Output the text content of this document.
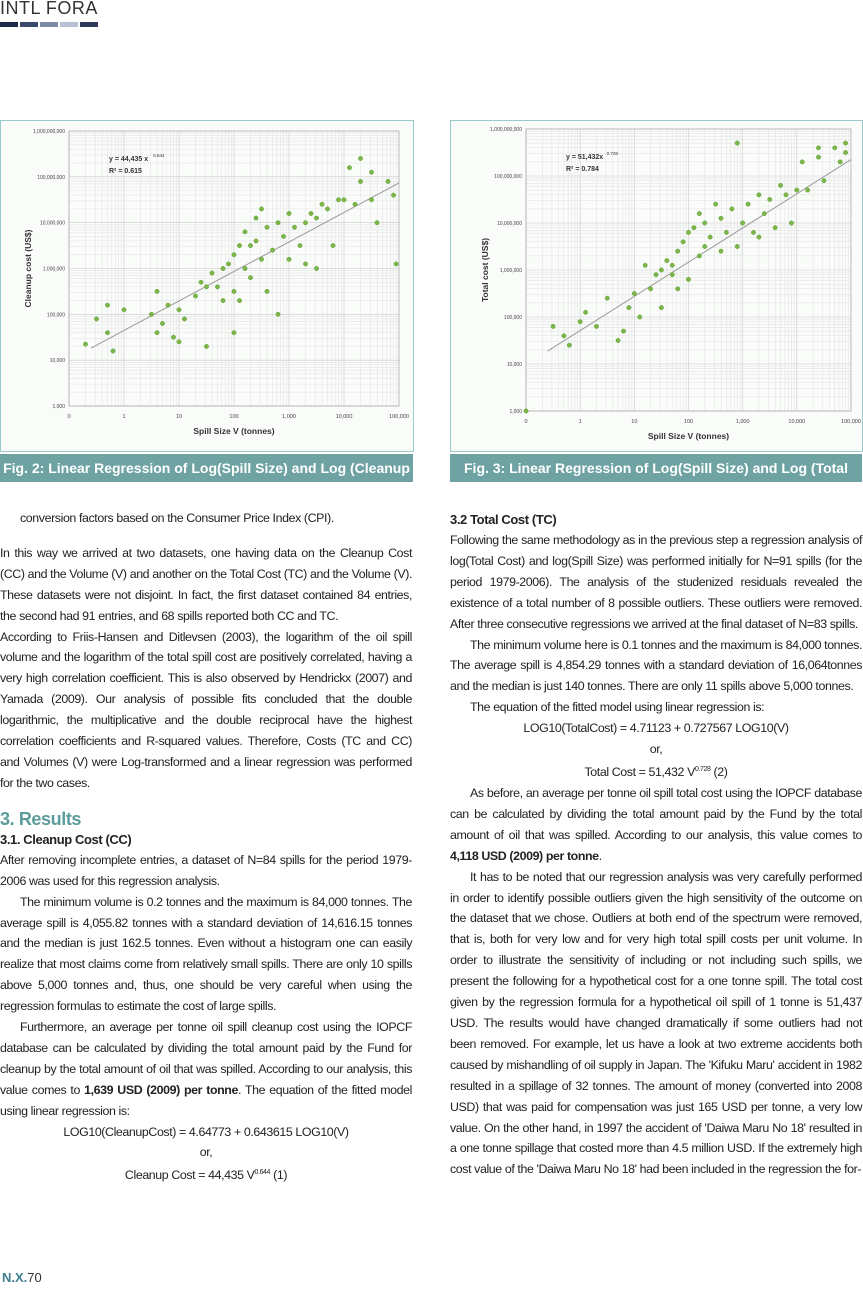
INTL FORA
0	1	10	100	1,000	10,000	100,000
1,000,000,000
100,000,000
10,000,000
1,000,000
100,000
10,000
1,000
Spill Size V (tonnes)
Cleanup cost (US$)
y = 44,435 x
0.644
R² = 0.615
Fig. 2: Linear Regression of Log(Spill Size) and Log (Cleanup Cost)
0	1	10	100	1,000	10,000	100,000
1,000,000,000
100,000,000
10,000,000
1,000,000
100,000
10,000
1,000
Spill Size V (tonnes)
Total cost (US$)
y = 51,432x
0.728
R² = 0.784
Fig. 3: Linear Regression of Log(Spill Size) and Log (Total Cost)

conversion factors based on the Consumer Price Index (CPI).

In this way we arrived at two datasets, one having data on the Cleanup Cost (CC) and the Volume (V) and another on the Total Cost (TC) and the Volume (V). These datasets were not disjoint. In fact, the first dataset contained 84 entries, the second had 91 entries, and 68 spills reported both CC and TC.

According to Friis-Hansen and Ditlevsen (2003), the logarithm of the oil spill volume and the logarithm of the total spill cost are positively correlated, having a very high correlation coefficient. This is also observed by Hendrickx (2007) and Yamada (2009). Our analysis of possible fits concluded that the double logarithmic, the multiplicative and the double reciprocal have the highest correlation coefficients and R-squared values. Therefore, Costs (TC and CC) and Volumes (V) were Log-transformed and a linear regression was performed for the two cases.

3. Results
3.1. Cleanup Cost (CC)

After removing incomplete entries, a dataset of N=84 spills for the period 1979-2006 was used for this regression analysis.

The minimum volume is 0.2 tonnes and the maximum is 84,000 tonnes. The average spill is 4,055.82 tonnes with a standard deviation of 14,616.15 tonnes and the median is just 162.5 tonnes. Even without a histogram one can easily realize that most claims come from relatively small spills. There are only 10 spills above 5,000 tonnes and, thus, one should be very careful when using the regression formulas to estimate the cost of large spills.

Furthermore, an average per tonne oil spill cleanup cost using the IOPCF database can be calculated by dividing the total amount paid by the Fund for cleanup by the total amount of oil that was spilled. According to our analysis, this value comes to 1,639 USD (2009) per tonne. The equation of the fitted model using linear regression is:

LOG10(CleanupCost) = 4.64773 + 0.643615 LOG10(V)

or,

Cleanup Cost = 44,435 $V^{0.644}$ (1)

3.2 Total Cost (TC)

Following the same methodology as in the previous step a regression analysis of log(Total Cost) and log(Spill Size) was performed initially for N=91 spills (for the period 1979-2006). The analysis of the studenized residuals revealed the existence of a total number of 8 possible outliers. These outliers were removed. After three consecutive regressions we arrived at the final dataset of N=83 spills.

The minimum volume here is 0.1 tonnes and the maximum is 84,000 tonnes. The average spill is 4,854.29 tonnes with a standard deviation of 16,064tonnes and the median is just 140 tonnes. There are only 11 spills above 5,000 tonnes.

The equation of the fitted model using linear regression is:

LOG10(TotalCost) = 4.71123 + 0.727567 LOG10(V)

or,

Total Cost = 51,432 $V^{0.728}$ (2)

As before, an average per tonne oil spill total cost using the IOPCF database can be calculated by dividing the total amount paid by the Fund by the total amount of oil that was spilled. According to our analysis, this value comes to 4,118 USD (2009) per tonne.

It has to be noted that our regression analysis was very carefully performed in order to identify possible outliers given the high sensitivity of the outcome on the dataset that we chose. Outliers at both end of the spectrum were removed, that is, both for very low and for very high total spill costs per unit volume. In order to illustrate the sensitivity of including or not including such spills, we present the following for a hypothetical cost for a one tonne spill. The total cost given by the regression formula for a hypothetical oil spill of 1 tonne is 51,437 USD. The results would have changed dramatically if some outliers had not been removed. For example, let us have a look at two extreme accidents both caused by mishandling of oil supply in Japan. The 'Kifuku Maru' accident in 1982 resulted in a spillage of 32 tonnes. The amount of money (converted into 2008 USD) that was paid for compensation was just 165 USD per tonne, a very low value. On the other hand, in 1997 the accident of 'Daiwa Maru No 18' resulted in a one tonne spillage that costed more than 4.5 million USD. If the extremely high cost value of the 'Daiwa Maru No 18' had been included in the regression the for-

N.X.70
